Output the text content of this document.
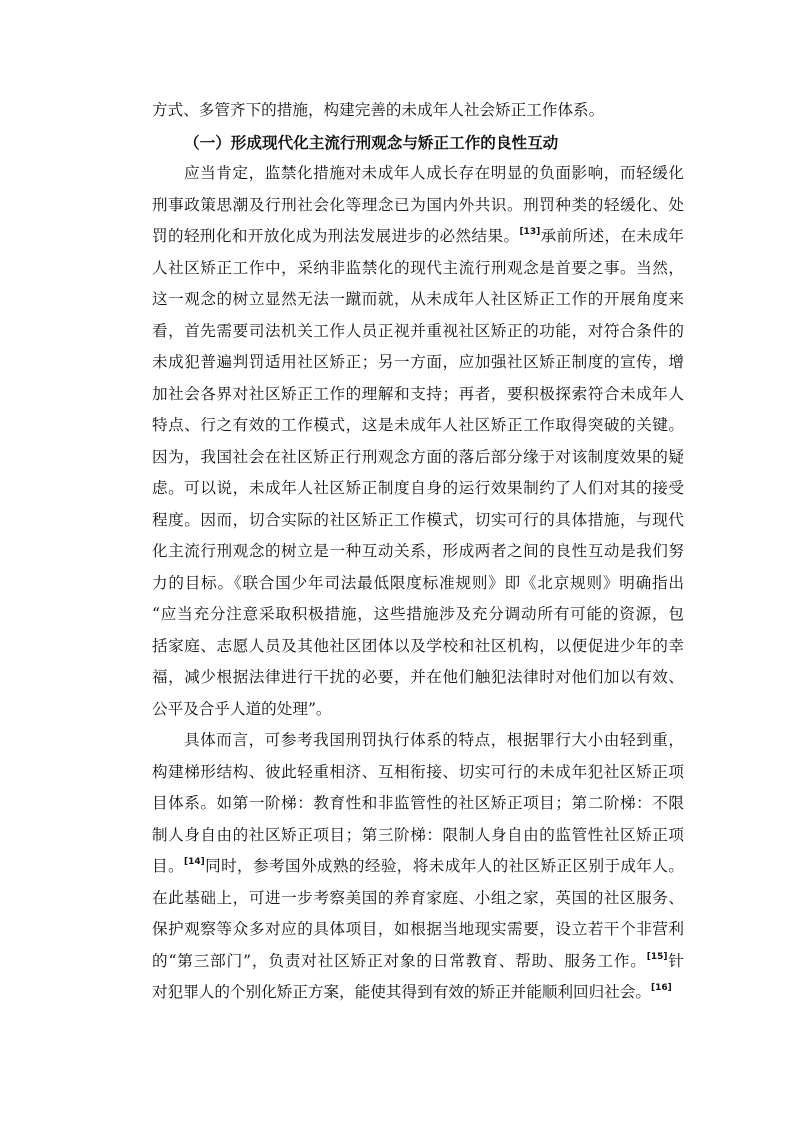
方式、多管齐下的措施，构建完善的未成年人社会矫正工作体系。
（一）形成现代化主流行刑观念与矫正工作的良性互动
应当肯定，监禁化措施对未成年人成长存在明显的负面影响，而轻缓化
刑事政策思潮及行刑社会化等理念已为国内外共识。刑罚种类的轻缓化、处
罚的轻刑化和开放化成为刑法发展进步的必然结果。[13]承前所述，在未成年
人社区矫正工作中，采纳非监禁化的现代主流行刑观念是首要之事。当然，
这一观念的树立显然无法一蹴而就，从未成年人社区矫正工作的开展角度来
看，首先需要司法机关工作人员正视并重视社区矫正的功能，对符合条件的
未成犯普遍判罚适用社区矫正；另一方面，应加强社区矫正制度的宣传，增
加社会各界对社区矫正工作的理解和支持；再者，要积极探索符合未成年人
特点、行之有效的工作模式，这是未成年人社区矫正工作取得突破的关键。
因为，我国社会在社区矫正行刑观念方面的落后部分缘于对该制度效果的疑
虑。可以说，未成年人社区矫正制度自身的运行效果制约了人们对其的接受
程度。因而，切合实际的社区矫正工作模式，切实可行的具体措施，与现代
化主流行刑观念的树立是一种互动关系，形成两者之间的良性互动是我们努
力的目标。《联合国少年司法最低限度标准规则》即《北京规则》明确指出
“应当充分注意采取积极措施，这些措施涉及充分调动所有可能的资源，包
括家庭、志愿人员及其他社区团体以及学校和社区机构，以便促进少年的幸
福，减少根据法律进行干扰的必要，并在他们触犯法律时对他们加以有效、
公平及合乎人道的处理”。
具体而言，可参考我国刑罚执行体系的特点，根据罪行大小由轻到重，
构建梯形结构、彼此轻重相济、互相衔接、切实可行的未成年犯社区矫正项
目体系。如第一阶梯：教育性和非监管性的社区矫正项目；第二阶梯：不限
制人身自由的社区矫正项目；第三阶梯：限制人身自由的监管性社区矫正项
目。[14]同时，参考国外成熟的经验，将未成年人的社区矫正区别于成年人。
在此基础上，可进一步考察美国的养育家庭、小组之家，英国的社区服务、
保护观察等众多对应的具体项目，如根据当地现实需要，设立若干个非营利
的“第三部门”，负责对社区矫正对象的日常教育、帮助、服务工作。[15]针
对犯罪人的个别化矫正方案，能使其得到有效的矫正并能顺利回归社会。[16]
